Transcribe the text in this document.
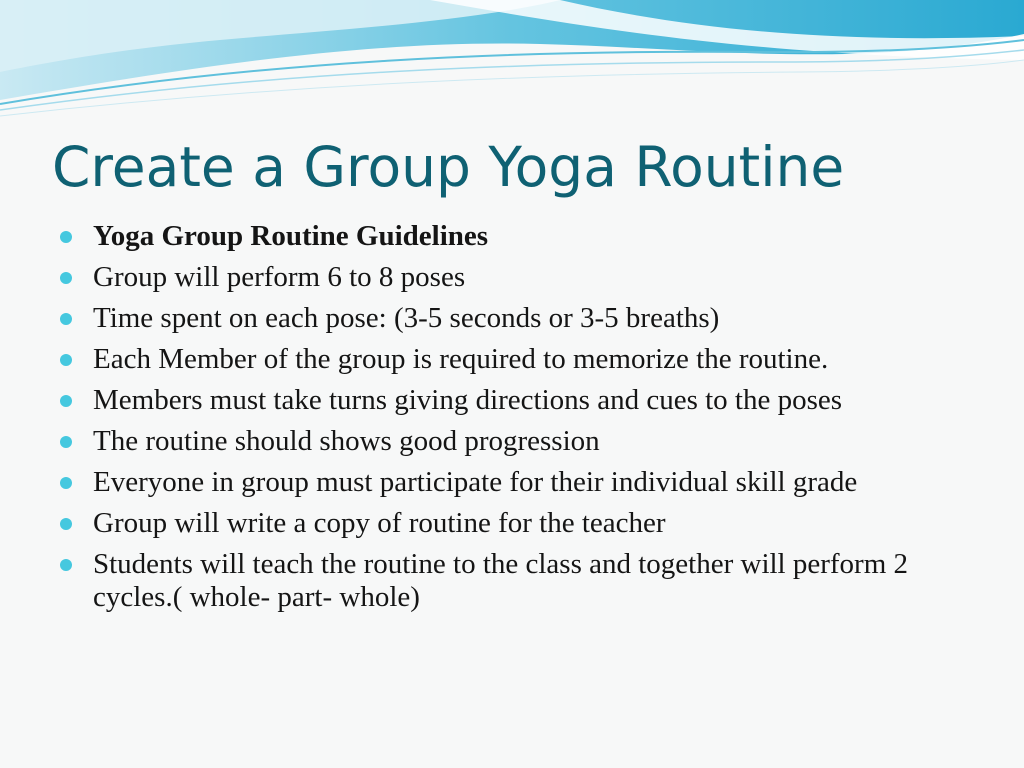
Create a Group Yoga Routine
Yoga Group Routine Guidelines
Group will perform 6 to 8 poses
Time spent on each pose: (3-5 seconds or 3-5 breaths)
Each Member of the group is required to memorize the routine.
Members must take turns giving directions and cues to the poses
The routine should shows good progression
Everyone in group must participate for their individual skill grade
Group will write a copy of routine for the teacher
Students will teach the routine to the class and together will perform 2 cycles.( whole- part- whole)
